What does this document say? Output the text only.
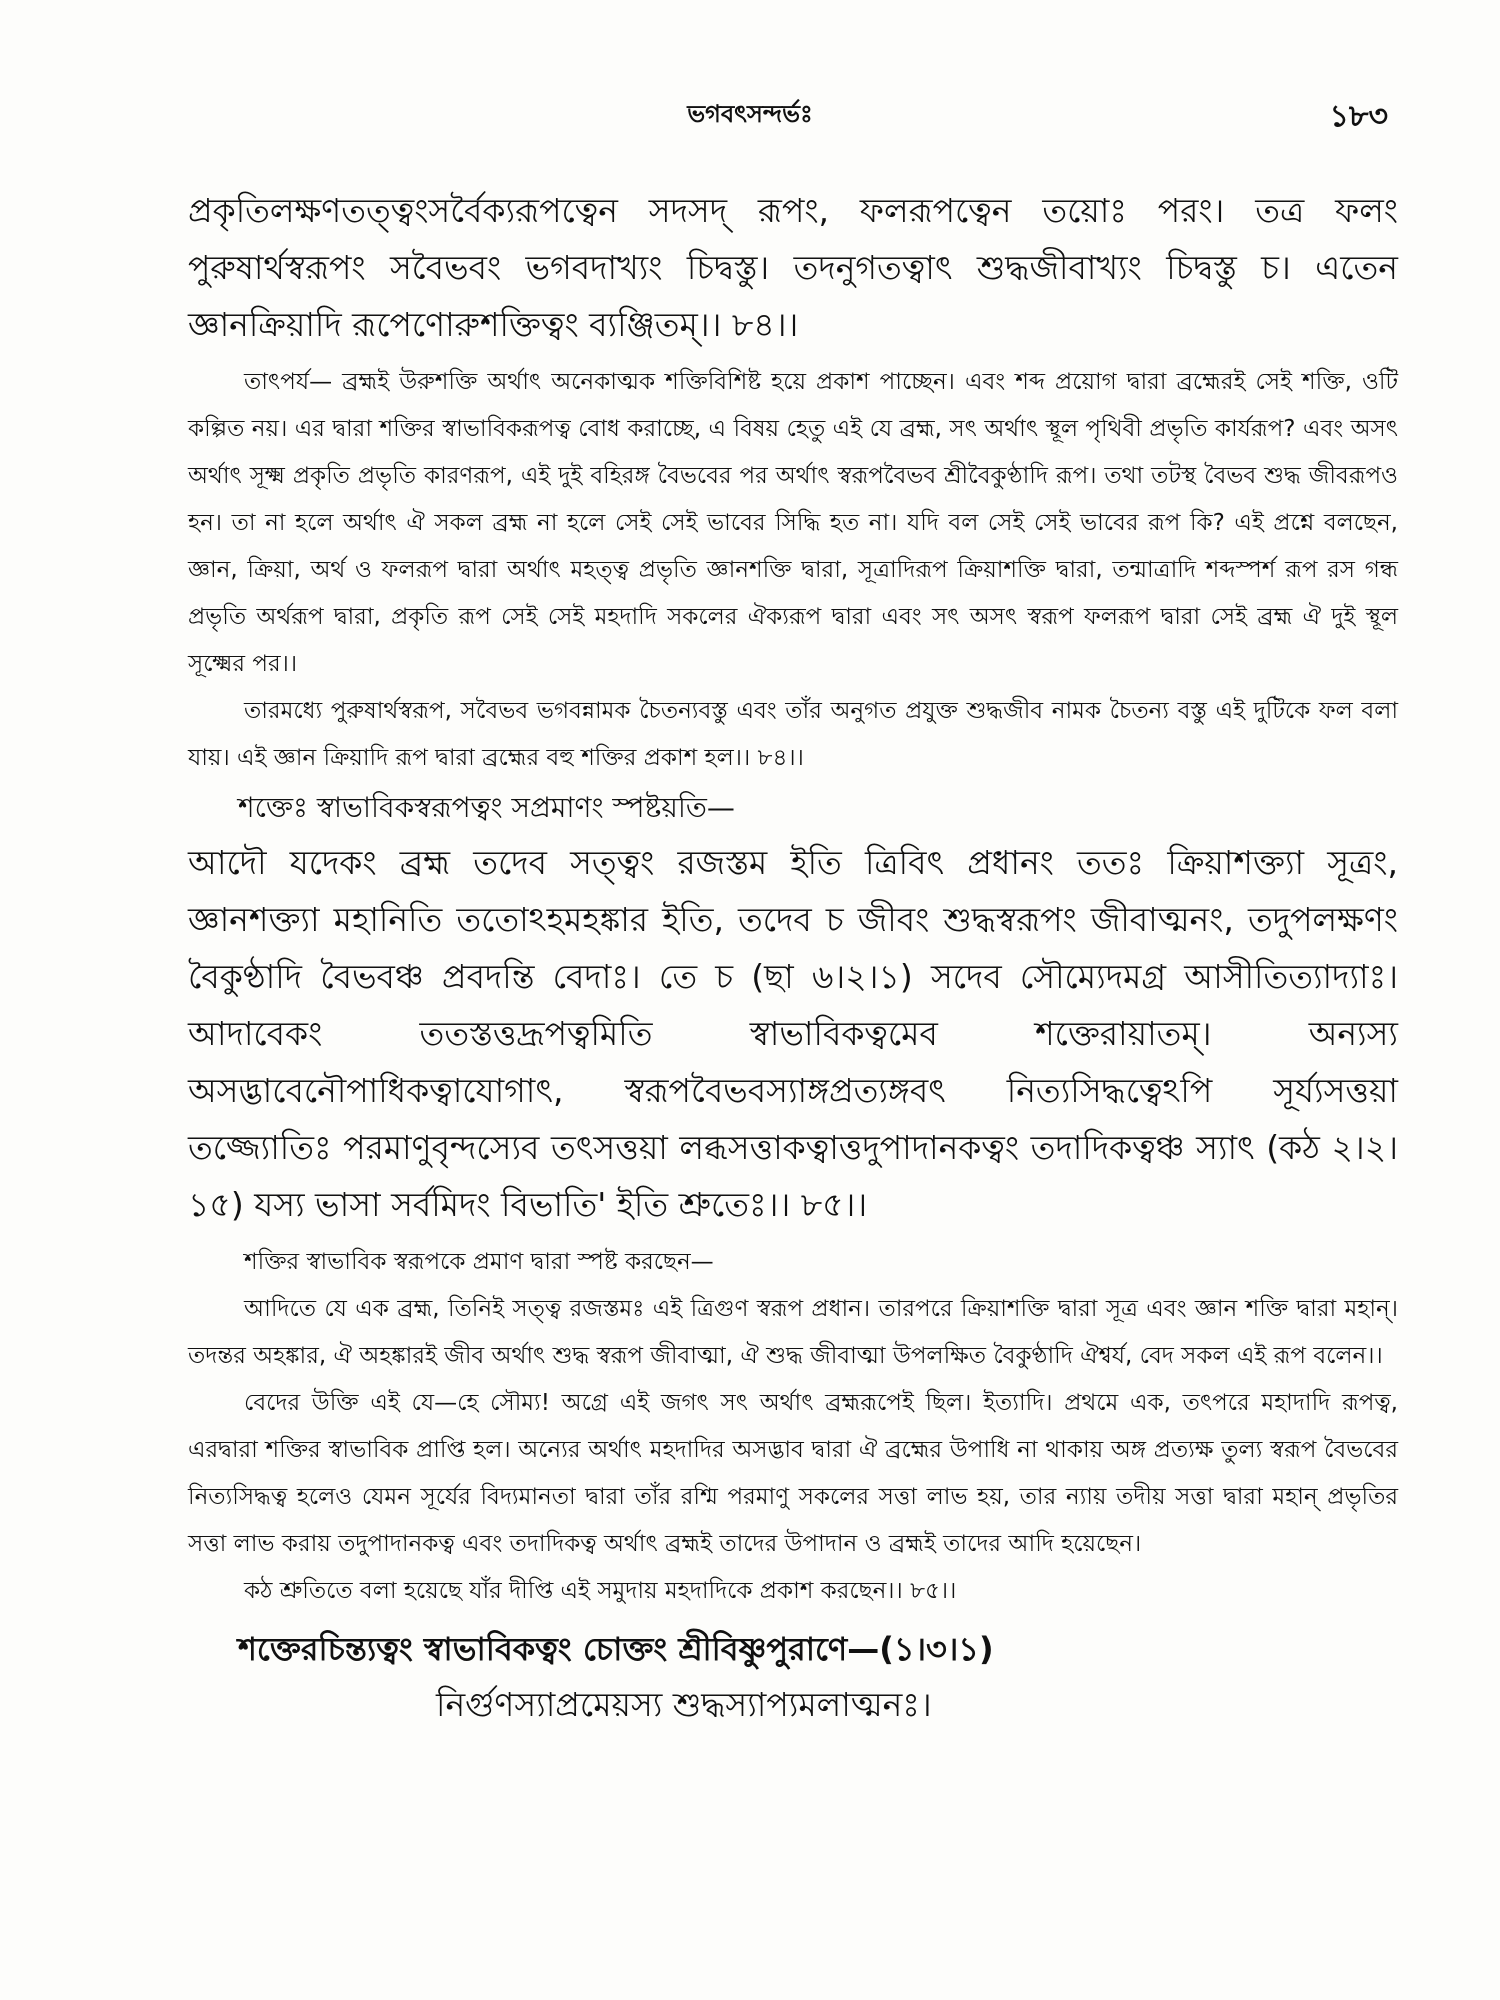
ভগবৎসন্দর্ভঃ	১৮৩

প্রকৃতিলক্ষণতত্ত্বংসর্বৈক্যরূপত্বেন সদসদ্ রূপং, ফলরূপত্বেন তয়োঃ পরং। তত্র ফলং পুরুষার্থস্বরূপং সবৈভবং ভগবদাখ্যং চিদ্বস্তু। তদনুগতত্বাৎ শুদ্ধজীবাখ্যং চিদ্বস্তু চ। এতেন জ্ঞানক্রিয়াদি রূপেণোরুশক্তিত্বং ব্যঞ্জিতম্।। ৮৪।।

তাৎপর্য— ব্রহ্মই উরুশক্তি অর্থাৎ অনেকাত্মক শক্তিবিশিষ্ট হয়ে প্রকাশ পাচ্ছেন। এবং শব্দ প্রয়োগ দ্বারা ব্রহ্মেরই সেই শক্তি, ওটি কল্পিত নয়। এর দ্বারা শক্তির স্বাভাবিকরূপত্ব বোধ করাচ্ছে, এ বিষয় হেতু এই যে ব্রহ্ম, সৎ অর্থাৎ স্থূল পৃথিবী প্রভৃতি কার্যরূপ? এবং অসৎ অর্থাৎ সূক্ষ্ম প্রকৃতি প্রভৃতি কারণরূপ, এই দুই বহিরঙ্গ বৈভবের পর অর্থাৎ স্বরূপবৈভব শ্রীবৈকুণ্ঠাদি রূপ। তথা তটস্থ বৈভব শুদ্ধ জীবরূপও হন। তা না হলে অর্থাৎ ঐ সকল ব্রহ্ম না হলে সেই সেই ভাবের সিদ্ধি হত না। যদি বল সেই সেই ভাবের রূপ কি? এই প্রশ্নে বলছেন, জ্ঞান, ক্রিয়া, অর্থ ও ফলরূপ দ্বারা অর্থাৎ মহত্ত্ব প্রভৃতি জ্ঞানশক্তি দ্বারা, সূত্রাদিরূপ ক্রিয়াশক্তি দ্বারা, তন্মাত্রাদি শব্দস্পর্শ রূপ রস গন্ধ প্রভৃতি অর্থরূপ দ্বারা, প্রকৃতি রূপ সেই সেই মহদাদি সকলের ঐক্যরূপ দ্বারা এবং সৎ অসৎ স্বরূপ ফলরূপ দ্বারা সেই ব্রহ্ম ঐ দুই স্থূল সূক্ষ্মের পর।।

তারমধ্যে পুরুষার্থস্বরূপ, সবৈভব ভগবন্নামক চৈতন্যবস্তু এবং তাঁর অনুগত প্রযুক্ত শুদ্ধজীব নামক চৈতন্য বস্তু এই দুটিকে ফল বলা যায়। এই জ্ঞান ক্রিয়াদি রূপ দ্বারা ব্রহ্মের বহু শক্তির প্রকাশ হল।। ৮৪।।

শক্তেঃ স্বাভাবিকস্বরূপত্বং সপ্রমাণং স্পষ্টয়তি—

আদৌ যদেকং ব্রহ্ম তদেব সত্ত্বং রজস্তম ইতি ত্রিবিৎ প্রধানং ততঃ ক্রিয়াশক্ত্যা সূত্রং, জ্ঞানশক্ত্যা মহানিতি ততোঽহমহঙ্কার ইতি, তদেব চ জীবং শুদ্ধস্বরূপং জীবাত্মনং, তদুপলক্ষণং বৈকুণ্ঠাদি বৈভবঞ্চ প্রবদন্তি বেদাঃ। তে চ (ছা ৬।২।১) সদেব সৌম্যেদমগ্র আসীতিত্যাদ্যাঃ। আদাবেকং ততস্তত্তদ্রূপত্বমিতি স্বাভাবিকত্বমেব শক্তেরায়াতম্। অন্যস্য অসদ্ভাবেনৌপাধিকত্বাযোগাৎ, স্বরূপবৈভবস্যাঙ্গপ্রত্যঙ্গবৎ নিত্যসিদ্ধত্বেঽপি সূর্য্যসত্তয়া তজ্জ্যোতিঃ পরমাণুবৃন্দস্যেব তৎসত্তয়া লব্ধসত্তাকত্বাত্তদুপাদানকত্বং তদাদিকত্বঞ্চ স্যাৎ (কঠ ২।২।১৫) যস্য ভাসা সর্বমিদং বিভাতি' ইতি শ্রুতেঃ।। ৮৫।।

শক্তির স্বাভাবিক স্বরূপকে প্রমাণ দ্বারা স্পষ্ট করছেন—

আদিতে যে এক ব্রহ্ম, তিনিই সত্ত্ব রজস্তমঃ এই ত্রিগুণ স্বরূপ প্রধান। তারপরে ক্রিয়াশক্তি দ্বারা সূত্র এবং জ্ঞান শক্তি দ্বারা মহান্। তদন্তর অহঙ্কার, ঐ অহঙ্কারই জীব অর্থাৎ শুদ্ধ স্বরূপ জীবাত্মা, ঐ শুদ্ধ জীবাত্মা উপলক্ষিত বৈকুণ্ঠাদি ঐশ্বর্য, বেদ সকল এই রূপ বলেন।।

বেদের উক্তি এই যে—হে সৌম্য! অগ্রে এই জগৎ সৎ অর্থাৎ ব্রহ্মরূপেই ছিল। ইত্যাদি। প্রথমে এক, তৎপরে মহাদাদি রূপত্ব, এরদ্বারা শক্তির স্বাভাবিক প্রাপ্তি হল। অন্যের অর্থাৎ মহদাদির অসদ্ভাব দ্বারা ঐ ব্রহ্মের উপাধি না থাকায় অঙ্গ প্রত্যক্ষ তুল্য স্বরূপ বৈভবের নিত্যসিদ্ধত্ব হলেও যেমন সূর্যের বিদ্যমানতা দ্বারা তাঁর রশ্মি পরমাণু সকলের সত্তা লাভ হয়, তার ন্যায় তদীয় সত্তা দ্বারা মহান্ প্রভৃতির সত্তা লাভ করায় তদুপাদানকত্ব এবং তদাদিকত্ব অর্থাৎ ব্রহ্মই তাদের উপাদান ও ব্রহ্মই তাদের আদি হয়েছেন।

কঠ শ্রুতিতে বলা হয়েছে যাঁর দীপ্তি এই সমুদায় মহদাদিকে প্রকাশ করছেন।। ৮৫।।

শক্তেরচিন্ত্যত্বং স্বাভাবিকত্বং চোক্তং শ্রীবিষ্ণুপুরাণে—(১।৩।১)

নির্গুণস্যাপ্রমেয়স্য শুদ্ধস্যাপ্যমলাত্মনঃ।
